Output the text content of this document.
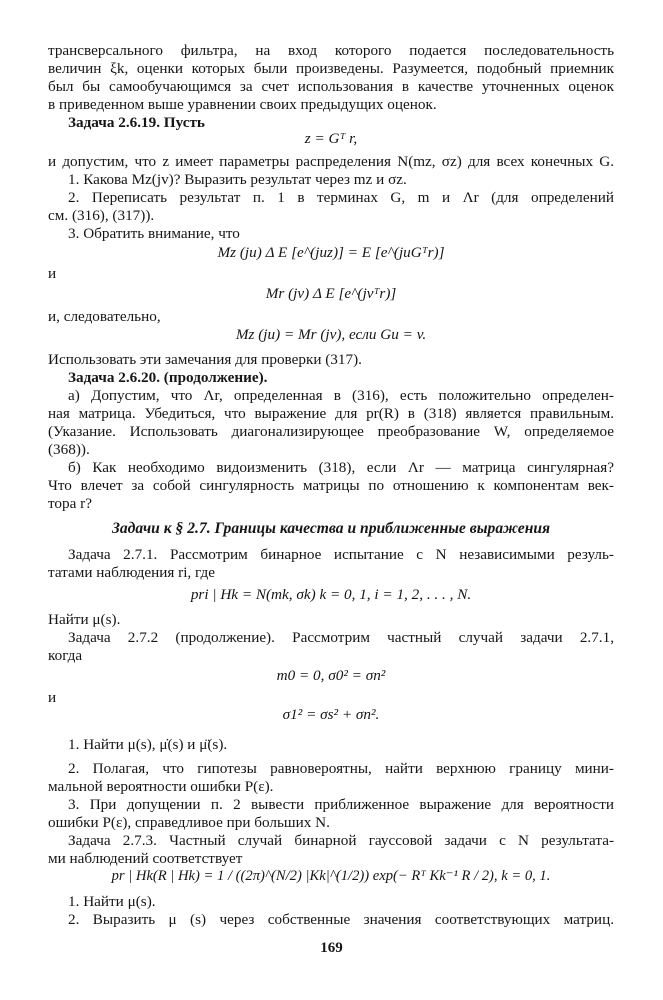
трансверсального фильтра, на вход которого подается последовательность
величин ξk, оценки которых были произведены. Разумеется, подобный приемник
был бы самообучающимся за счет использования в качестве уточненных оценок
в приведенном выше уравнении своих предыдущих оценок.
Задача 2.6.19. Пусть
z = Gᵀ r,
и допустим, что z имеет параметры распределения N(mz, σz) для всех конечных G.
1. Какова Mz(jv)? Выразить результат через mz и σz.
2. Переписать результат п. 1 в терминах G, m и Λr (для определений
см. (316), (317)).
3. Обратить внимание, что
Mz (ju) Δ E [e^(juz)] = E [e^(juGᵀr)]
и
Mr (jv) Δ E [e^(jvᵀr)]
и, следовательно,
Mz (ju) = Mr (jv), если Gu = v.
Использовать эти замечания для проверки (317).
Задача 2.6.20. (продолжение).
а) Допустим, что Λr, определенная в (316), есть положительно определен-
ная матрица. Убедиться, что выражение для pr(R) в (318) является правильным.
(Указание. Использовать диагонализирующее преобразование W, определяемое
(368)).
б) Как необходимо видоизменить (318), если Λr — матрица сингулярная?
Что влечет за собой сингулярность матрицы по отношению к компонентам век-
тора r?
Задачи к § 2.7. Границы качества и приближенные выражения
Задача 2.7.1. Рассмотрим бинарное испытание с N независимыми резуль-
татами наблюдения ri, где
pri | Hk = N(mk, σk) k = 0, 1, i = 1, 2, . . . , N.
Найти μ(s).
Задача 2.7.2 (продолжение). Рассмотрим частный случай задачи 2.7.1,
когда
m0 = 0, σ0² = σn²
и
σ1² = σs² + σn².
1. Найти μ(s), μ̇(s) и μ̈(s).
2. Полагая, что гипотезы равновероятны, найти верхнюю границу мини-
мальной вероятности ошибки P(ε).
3. При допущении п. 2 вывести приближенное выражение для вероятности
ошибки P(ε), справедливое при больших N.
Задача 2.7.3. Частный случай бинарной гауссовой задачи с N результата-
ми наблюдений соответствует
pr | Hk(R | Hk) = 1 / ((2π)^(N/2) |Kk|^(1/2)) exp(− Rᵀ Kk⁻¹ R / 2), k = 0, 1.
1. Найти μ(s).
2. Выразить μ (s) через собственные значения соответствующих матриц.
169
